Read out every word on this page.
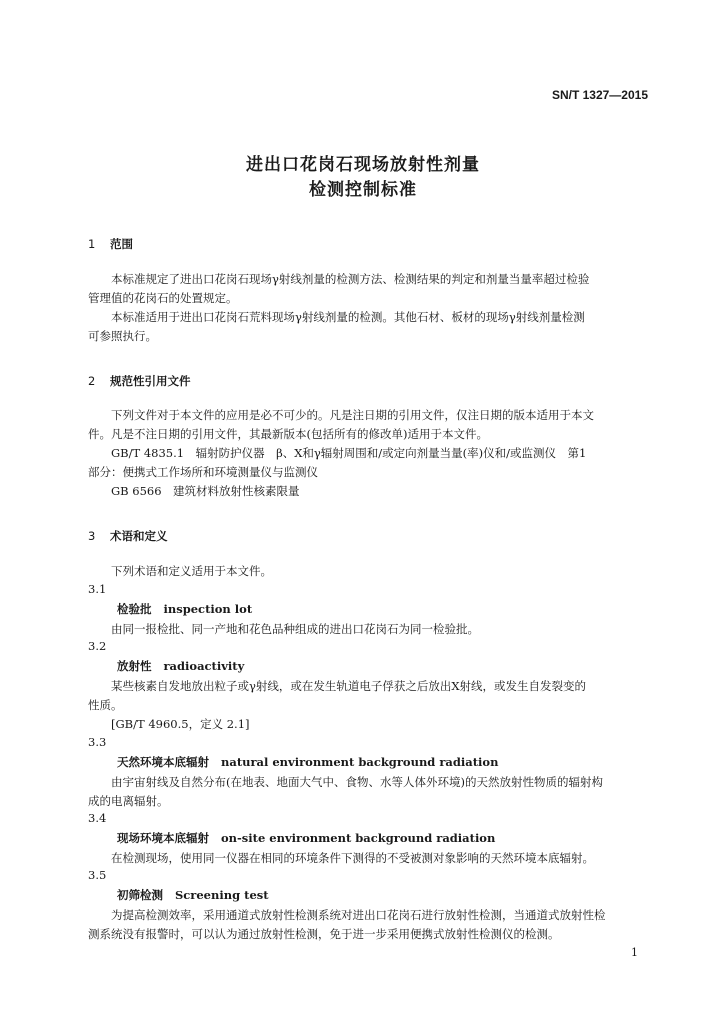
SN/T 1327—2015
进出口花岗石现场放射性剂量
检测控制标准
1 范围

本标准规定了进出口花岗石现场γ射线剂量的检测方法、检测结果的判定和剂量当量率超过检验

管理值的花岗石的处置规定。

本标准适用于进出口花岗石荒料现场γ射线剂量的检测。其他石材、板材的现场γ射线剂量检测

可参照执行。

2 规范性引用文件

下列文件对于本文件的应用是必不可少的。凡是注日期的引用文件，仅注日期的版本适用于本文

件。凡是不注日期的引用文件，其最新版本(包括所有的修改单)适用于本文件。

GB/T 4835.1　辐射防护仪器　β、X和γ辐射周围和/或定向剂量当量(率)仪和/或监测仪　第1

部分：便携式工作场所和环境测量仪与监测仪

GB 6566　建筑材料放射性核素限量

3 术语和定义

下列术语和定义适用于本文件。

3.1
检验批 inspection lot

由同一报检批、同一产地和花色品种组成的进出口花岗石为同一检验批。

3.2
放射性 radioactivity

某些核素自发地放出粒子或γ射线，或在发生轨道电子俘获之后放出X射线，或发生自发裂变的

性质。

[GB/T 4960.5，定义 2.1]

3.3
天然环境本底辐射 natural environment background radiation

由宇宙射线及自然分布(在地表、地面大气中、食物、水等人体外环境)的天然放射性物质的辐射构

成的电离辐射。

3.4
现场环境本底辐射 on-site environment background radiation

在检测现场，使用同一仪器在相同的环境条件下测得的不受被测对象影响的天然环境本底辐射。

3.5
初筛检测 Screening test

为提高检测效率，采用通道式放射性检测系统对进出口花岗石进行放射性检测，当通道式放射性检

测系统没有报警时，可以认为通过放射性检测，免于进一步采用便携式放射性检测仪的检测。

1
